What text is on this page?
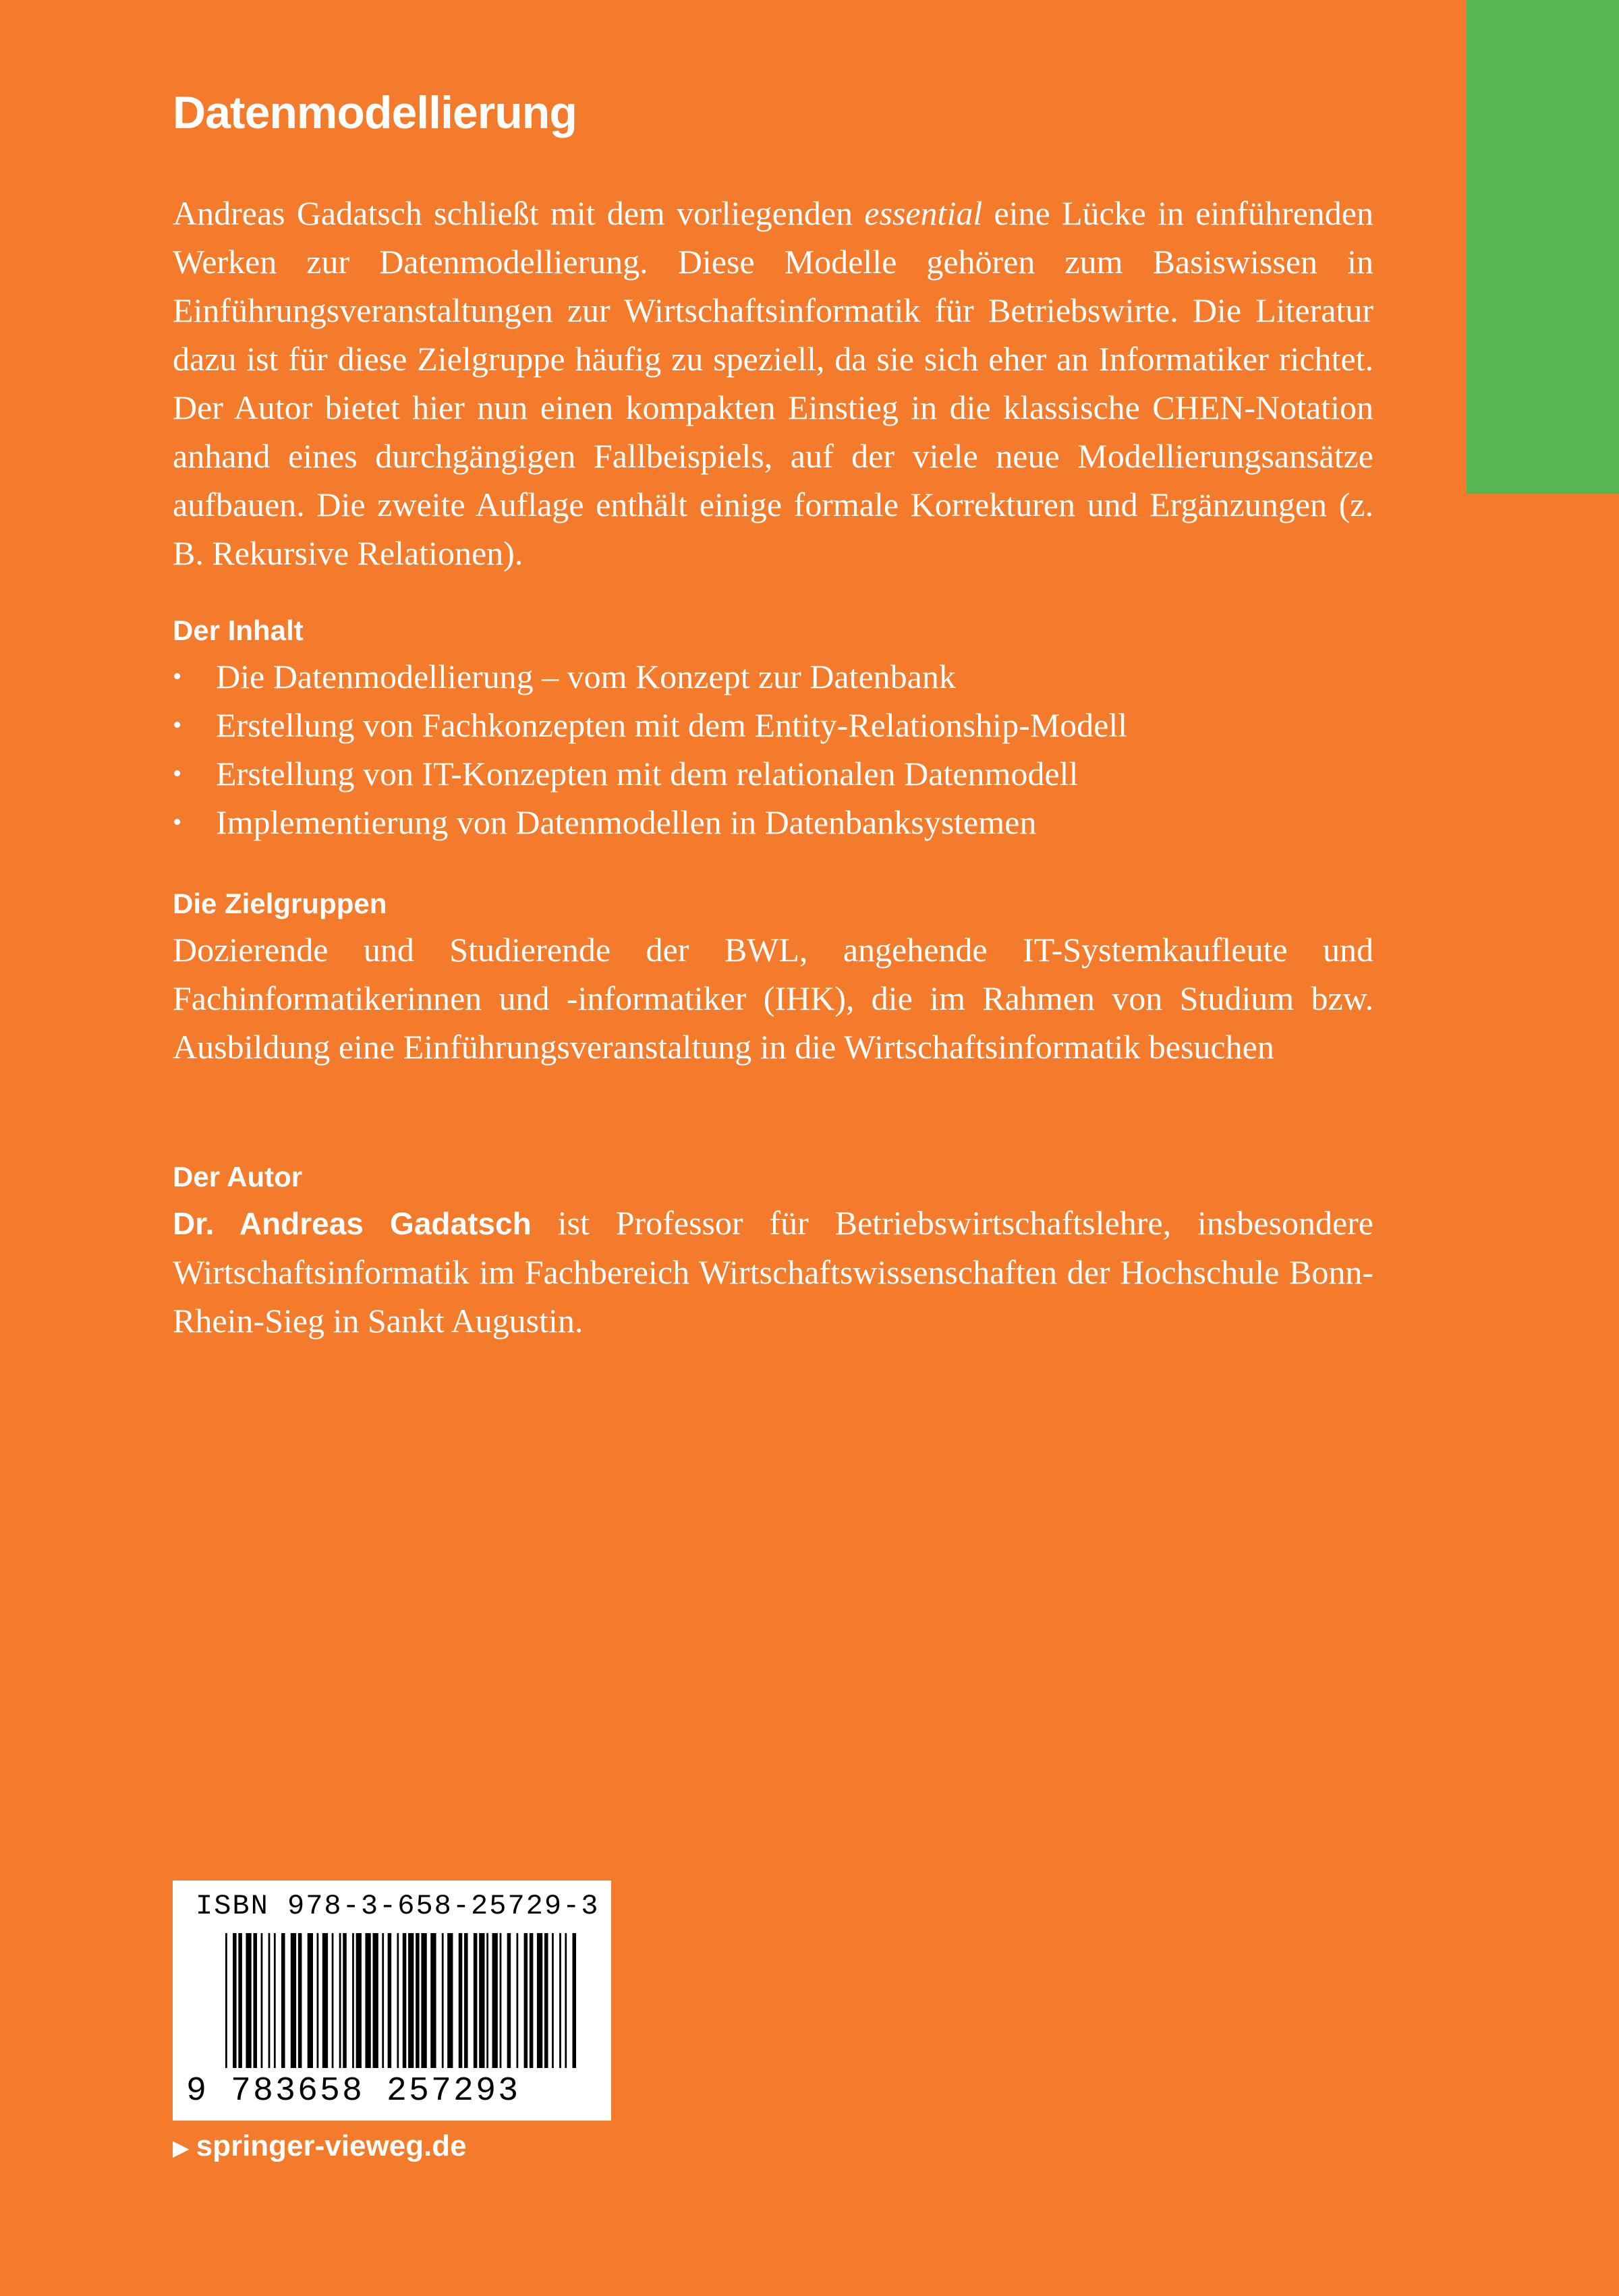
Datenmodellierung

Andreas Gadatsch schließt mit dem vorliegenden essential eine Lücke in einführenden Werken zur Datenmodellierung. Diese Modelle gehören zum Basiswissen in Einführungsveranstaltungen zur Wirtschaftsinformatik für Betriebswirte. Die Literatur dazu ist für diese Zielgruppe häufig zu speziell, da sie sich eher an Informatiker richtet. Der Autor bietet hier nun einen kompakten Einstieg in die klassische CHEN-Notation anhand eines durchgängigen Fallbeispiels, auf der viele neue Modellierungsansätze aufbauen. Die zweite Auflage enthält einige formale Korrekturen und Ergänzungen (z. B. Rekursive Relationen).

Der Inhalt
•	Die Datenmodellierung – vom Konzept zur Datenbank
•	Erstellung von Fachkonzepten mit dem Entity-Relationship-Modell
•	Erstellung von IT-Konzepten mit dem relationalen Datenmodell
•	Implementierung von Datenmodellen in Datenbanksystemen
Die Zielgruppen

Dozierende und Studierende der BWL, angehende IT-Systemkaufleute und Fachinformatikerinnen und -informatiker (IHK), die im Rahmen von Studium bzw. Ausbildung eine Einführungsveranstaltung in die Wirtschaftsinformatik besuchen

Der Autor

Dr. Andreas Gadatsch ist Professor für Betriebswirtschaftslehre, insbesondere Wirtschaftsinformatik im Fachbereich Wirtschaftswissenschaften der Hochschule Bonn-Rhein-Sieg in Sankt Augustin.

ISBN 978-3-658-25729-3
9 783658 257293
▶ springer-vieweg.de
